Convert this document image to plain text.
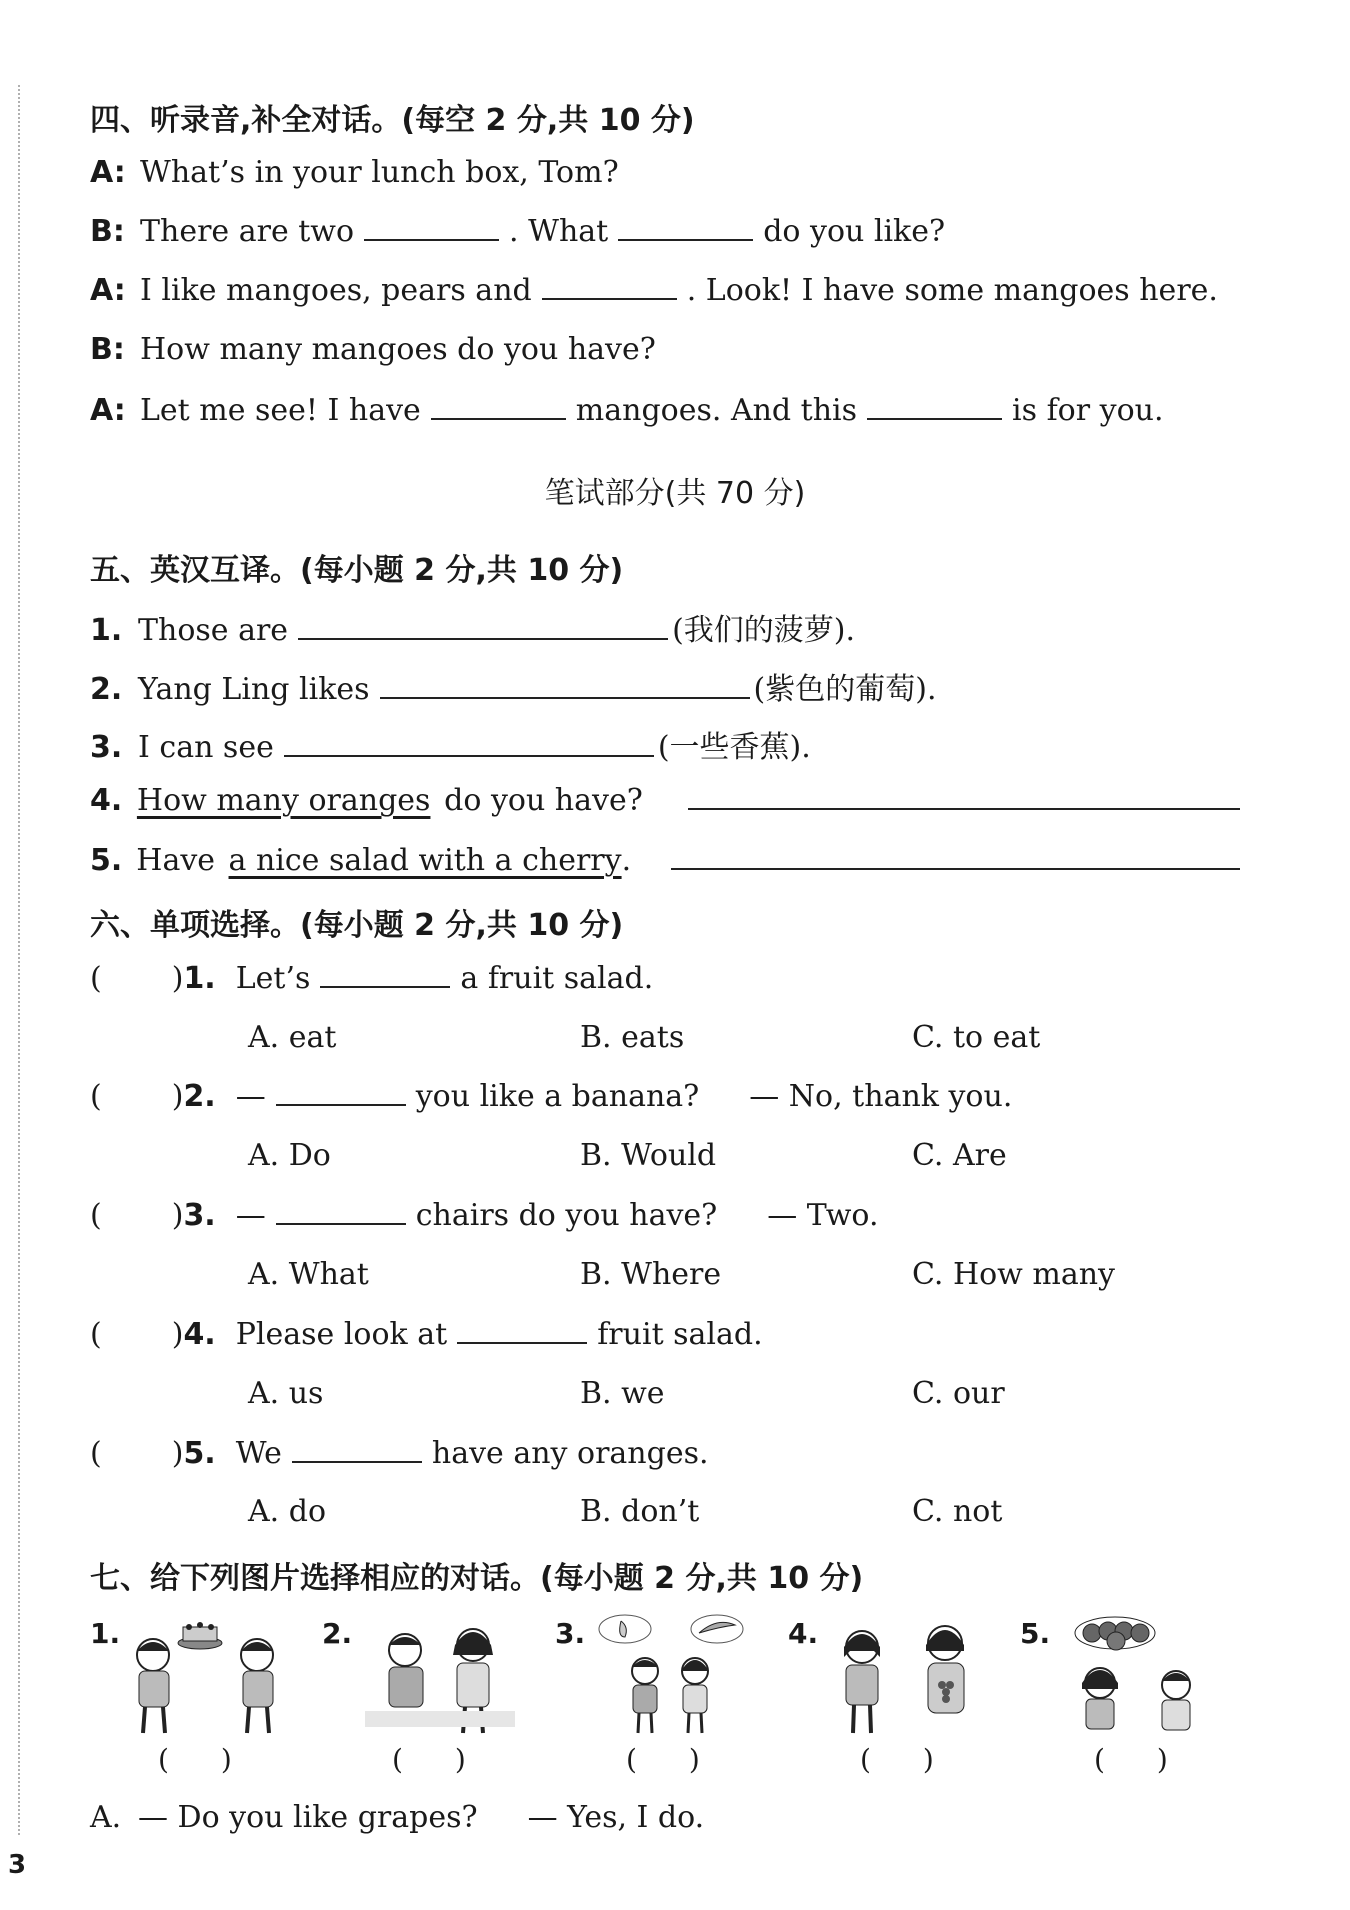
四、听录音,补全对话。(每空 2 分,共 10 分)
A: What’s in your lunch box, Tom?
B: There are two	. What	do you like?
A: I like mangoes, pears and	. Look! I have some mangoes here.
B: How many mangoes do you have?
A: Let me see! I have	mangoes. And this	is for you.
笔试部分(共 70 分)
五、英汉互译。(每小题 2 分,共 10 分)
1. Those are	(我们的菠萝).
2. Yang Ling likes	(紫色的葡萄).
3. I can see	(一些香蕉).
4. How many oranges do you have?
5. Have a nice salad with a cherry .
六、单项选择。(每小题 2 分,共 10 分)
( ) 1. Let’s	a fruit salad.
A. eat	B. eats	C. to eat
( ) 2. —	you like a banana? — No, thank you.
A. Do	B. Would	C. Are
( ) 3. —	chairs do you have? — Two.
A. What	B. Where	C. How many
( ) 4. Please look at	fruit salad.
A. us	B. we	C. our
( ) 5. We	have any oranges.
A. do	B. don’t	C. not
七、给下列图片选择相应的对话。(每小题 2 分,共 10 分)
1.
()
2.
()
3.
()
4.
()
5.
()
A. — Do you like grapes? — Yes, I do.
3
